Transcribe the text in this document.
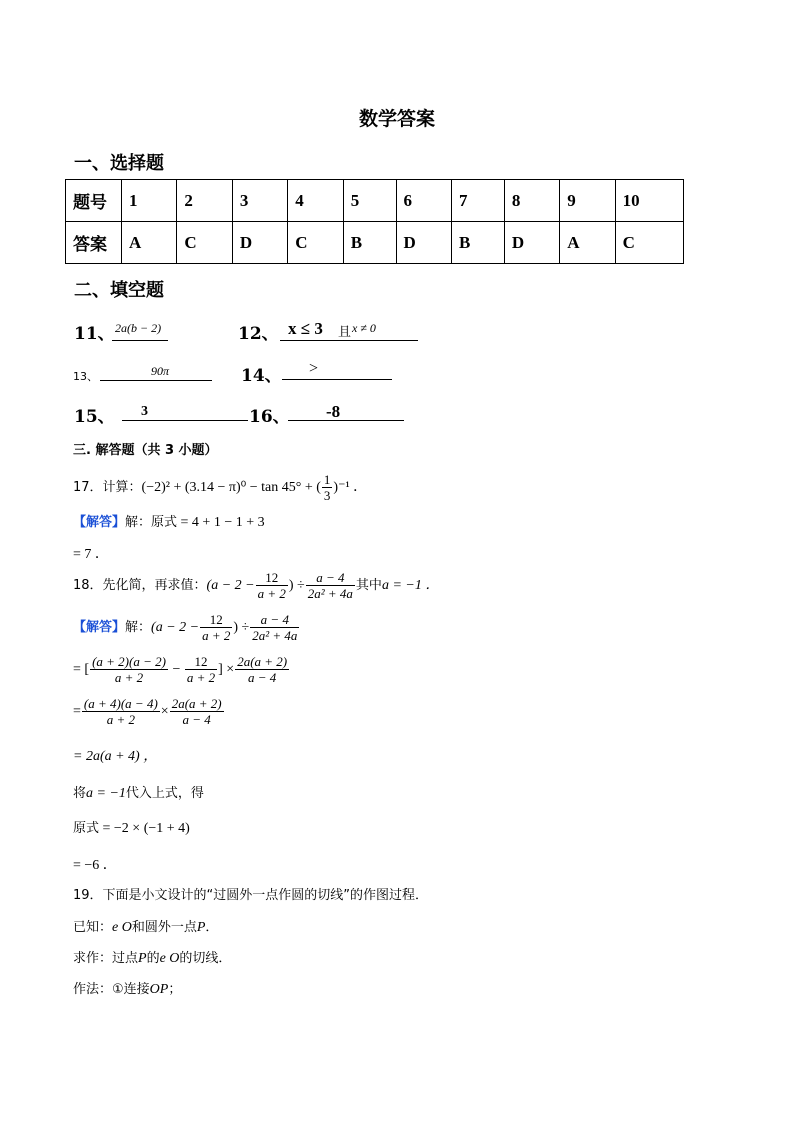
数学答案
一、选择题
题号	1	2	3	4	5	6	7	8	9	10
答案	A	C	D	C	B	D	B	D	A	C
二、填空题
11、 2a(b − 2)	12、 x ≤ 3 且 x ≠ 0
13、	90π	14、 >
15、 3	16、 -8
三. 解答题（共 3 小题）
17．计算：(−2)² + (3.14 − π)⁰ − tan 45° + ( $\frac{1}{3} )^{-1}$ ．
【解答】解：原式 = 4 + 1 − 1 + 3
= 7 ．
18．先化简，再求值：($a - 2 - \frac{12}{a + 2}$ ) ÷ $\frac{a - 4}{\text{2a² + 4a}}$ 其中a = −1 ．
【解答】解：($a - 2 - \frac{12}{a + 2}$ ) ÷ $\frac{a - 4}{\text{2a² + 4a}}$
= [ $\frac{(a + 2)(a - 2)}{a + 2} - \frac{12}{a + 2}$ ] × $\frac{2a(a + 2)}{a - 4}$
= $\frac{(a + 4)(a - 4)}{a + 2} \times \frac{2a(a + 2)}{a - 4}$
= 2a(a + 4) ，
将a = −1代入上式，得
原式 = −2 × (−1 + 4)
= −6 ．
19．下面是小文设计的“过圆外一点作圆的切线”的作图过程．
已知：e O和圆外一点P．
求作：过点P的e O的切线．
作法：①连接OP；
